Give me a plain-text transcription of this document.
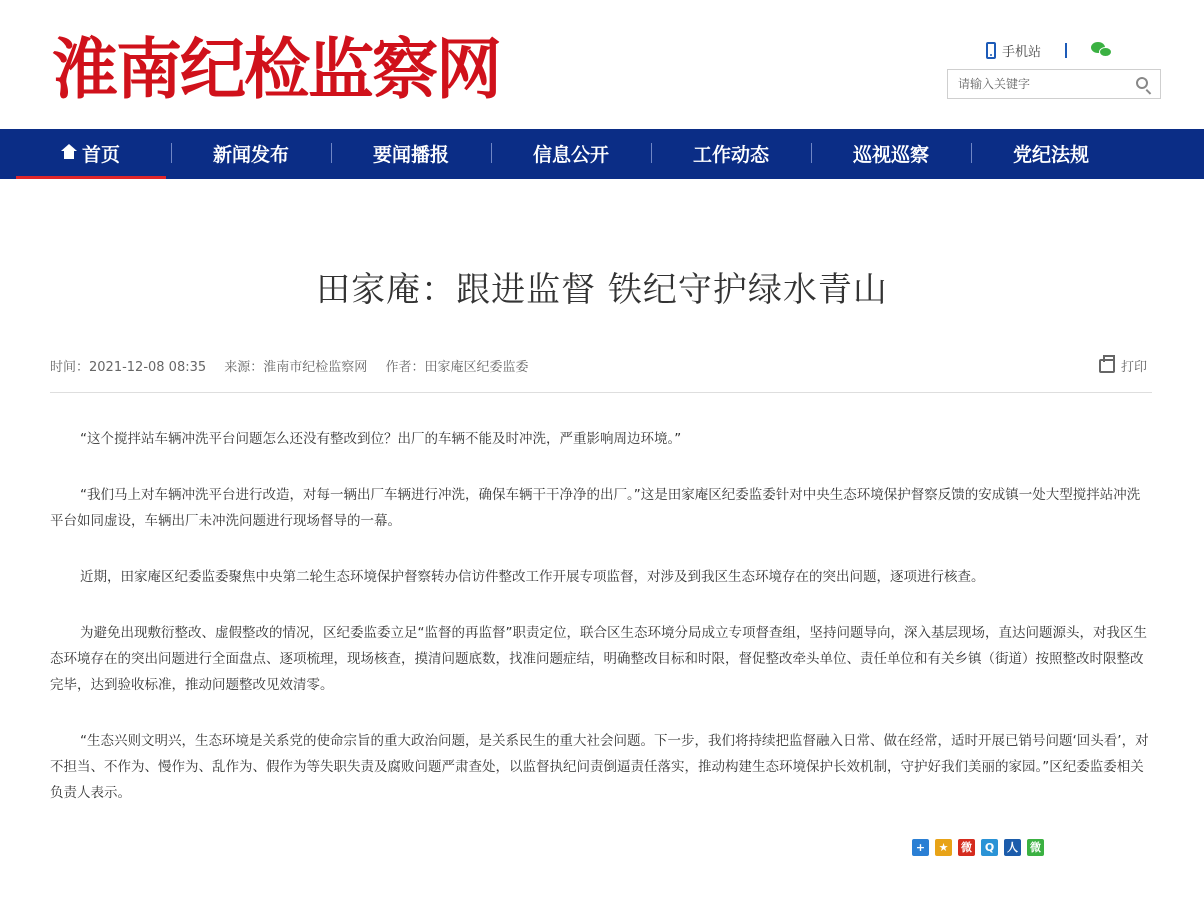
淮南纪检监察网	手机站
请输入关键字
首页	新闻发布	要闻播报	信息公开	工作动态	巡视巡察	党纪法规
田家庵：跟进监督 铁纪守护绿水青山
时间：2021-12-08 08:35 来源：淮南市纪检监察网 作者：田家庵区纪委监委	打印

“这个搅拌站车辆冲洗平台问题怎么还没有整改到位？出厂的车辆不能及时冲洗，严重影响周边环境。”

“我们马上对车辆冲洗平台进行改造，对每一辆出厂车辆进行冲洗，确保车辆干干净净的出厂。”这是田家庵区纪委监委针对中央生态环境保护督察反馈的安成镇一处大型搅拌站冲洗平台如同虚设，车辆出厂未冲洗问题进行现场督导的一幕。

近期，田家庵区纪委监委聚焦中央第二轮生态环境保护督察转办信访件整改工作开展专项监督，对涉及到我区生态环境存在的突出问题，逐项进行核查。

为避免出现敷衍整改、虚假整改的情况，区纪委监委立足“监督的再监督”职责定位，联合区生态环境分局成立专项督查组，坚持问题导向，深入基层现场，直达问题源头，对我区生态环境存在的突出问题进行全面盘点、逐项梳理，现场核查，摸清问题底数，找准问题症结，明确整改目标和时限，督促整改牵头单位、责任单位和有关乡镇（街道）按照整改时限整改完毕，达到验收标准，推动问题整改见效清零。

“生态兴则文明兴，生态环境是关系党的使命宗旨的重大政治问题，是关系民生的重大社会问题。下一步，我们将持续把监督融入日常、做在经常，适时开展已销号问题‘回头看’，对不担当、不作为、慢作为、乱作为、假作为等失职失责及腐败问题严肃查处，以监督执纪问责倒逼责任落实，推动构建生态环境保护长效机制，守护好我们美丽的家园。”区纪委监委相关负责人表示。

+	★	微	Q	人 微
